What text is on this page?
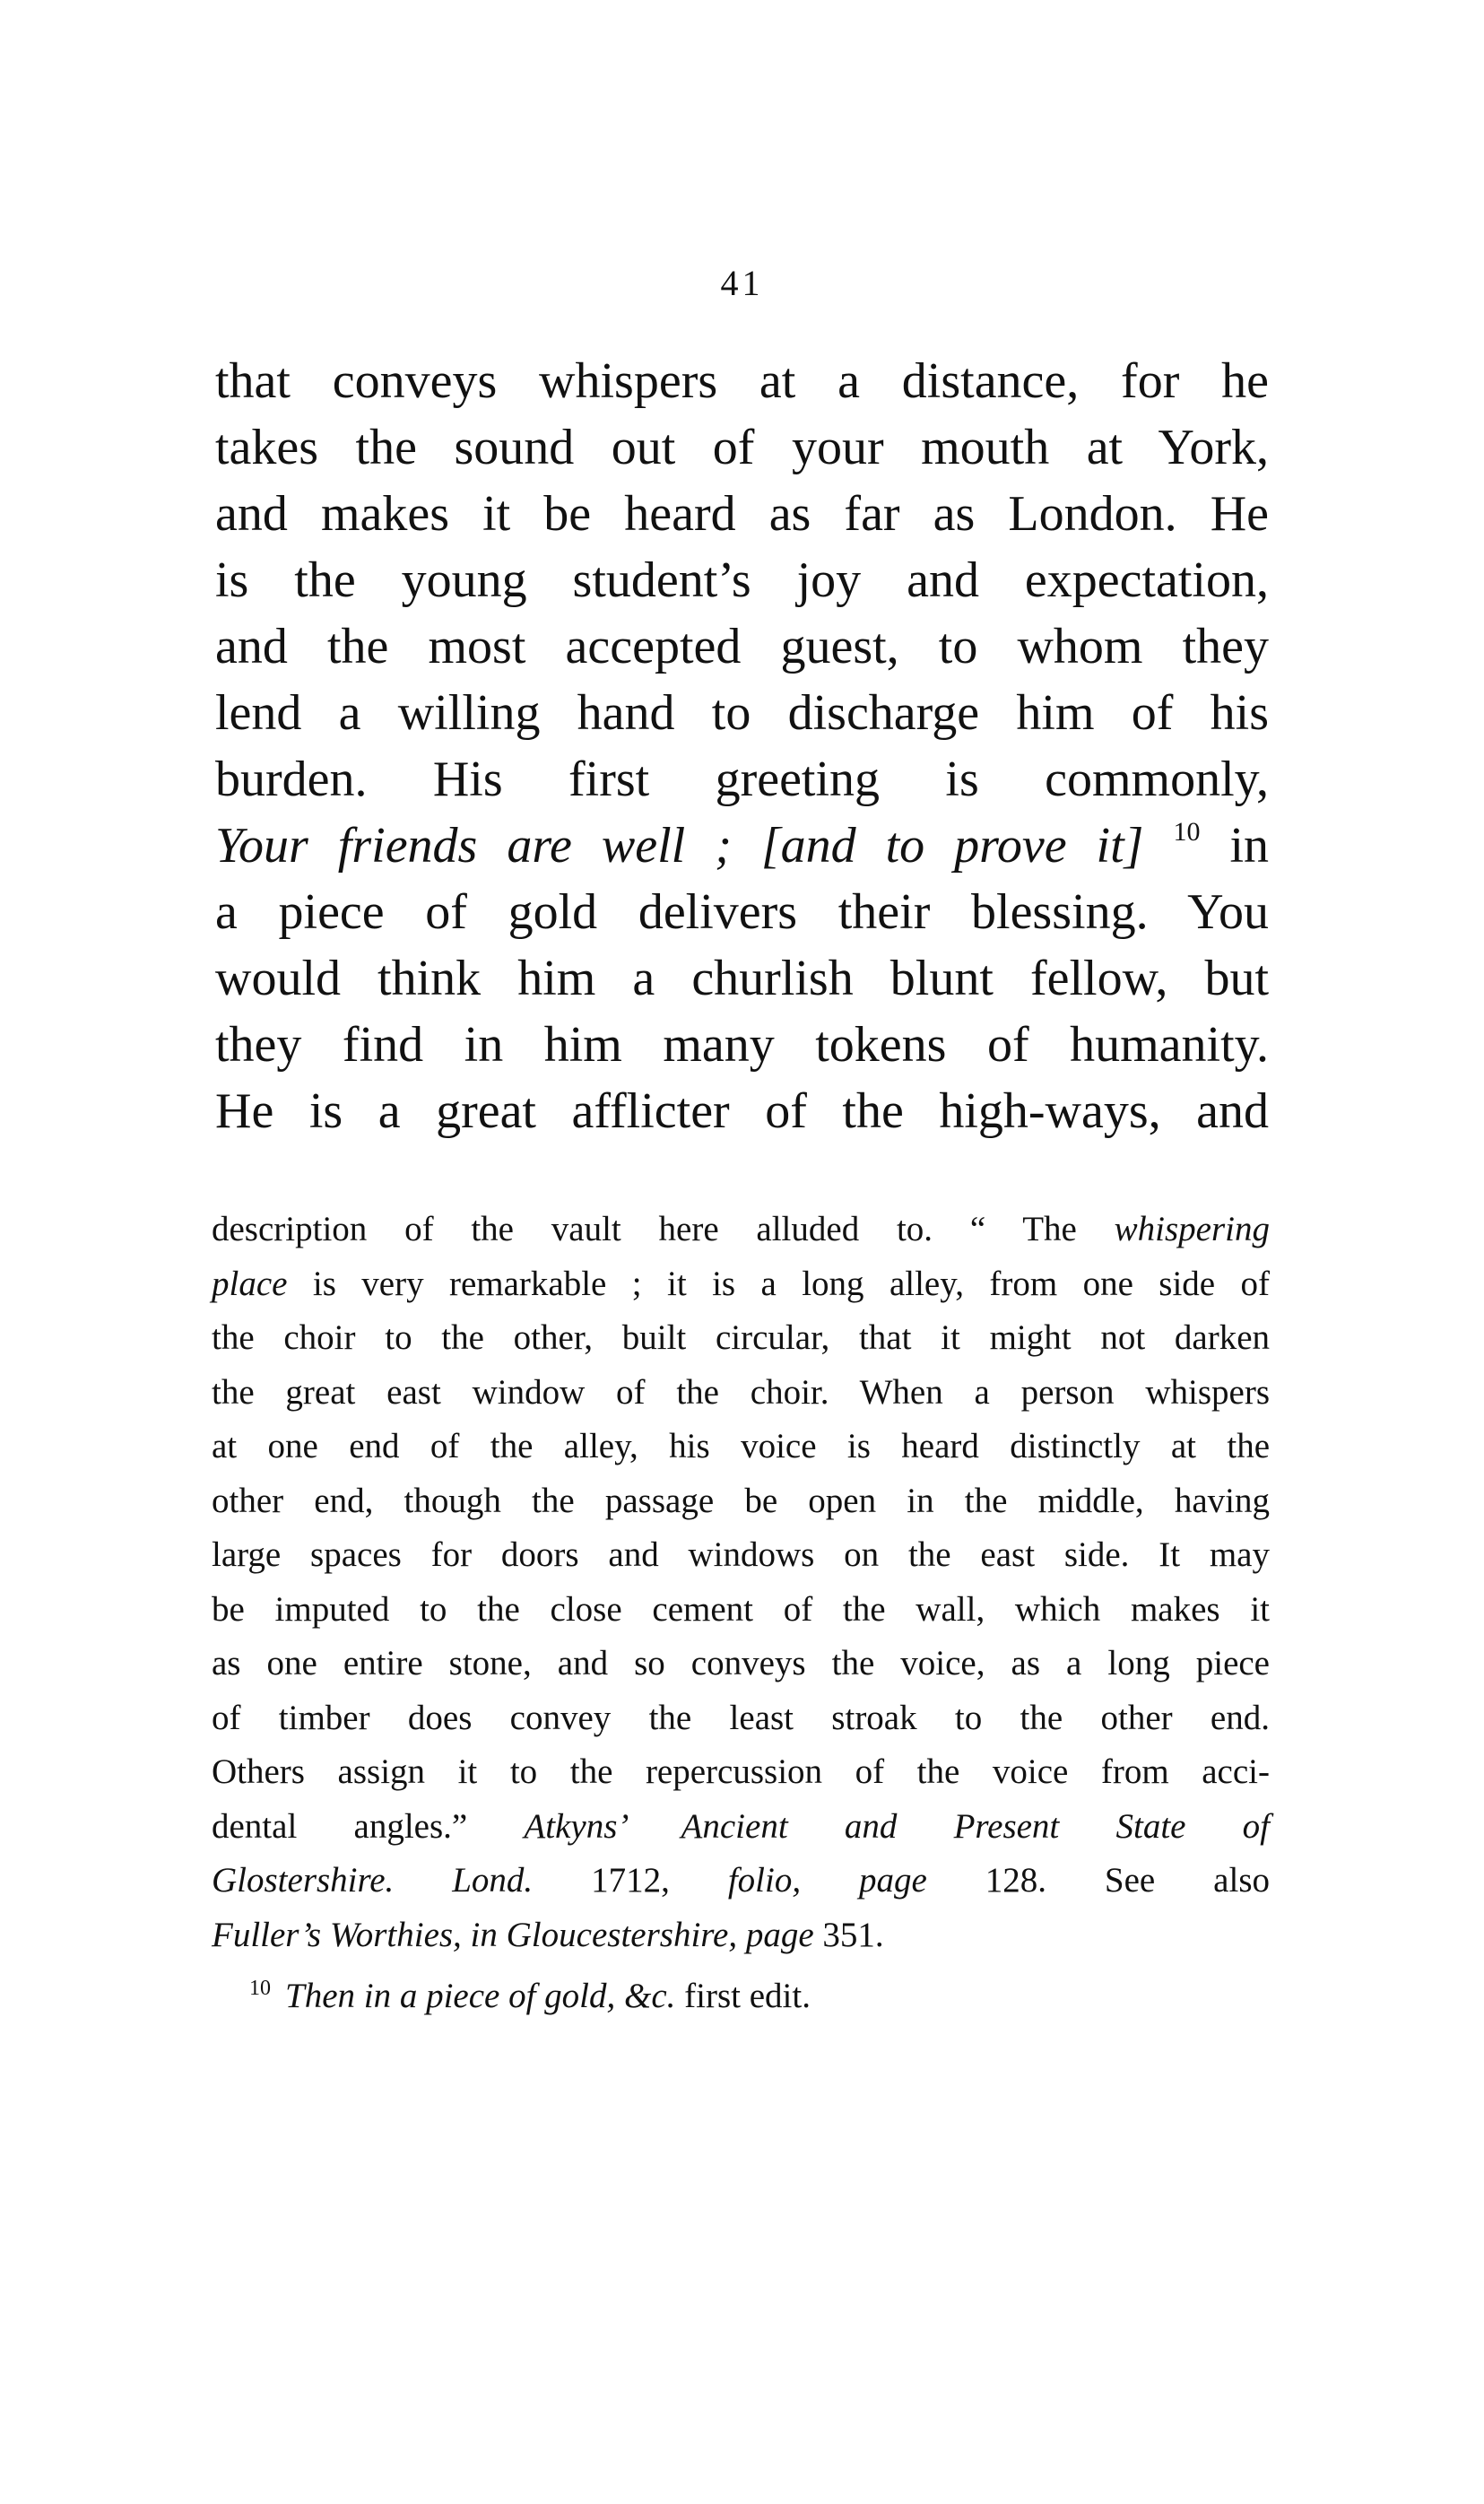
41
that conveys whispers at a distance, for he
takes the sound out of your mouth at York,
and makes it be heard as far as London. He
is the young student’s joy and expectation,
and the most accepted guest, to whom they
lend a willing hand to discharge him of his
burden. His first greeting is commonly,
Your friends are well ; [and to prove it] $^{10}$ in
a piece of gold delivers their blessing. You
would think him a churlish blunt fellow, but
they find in him many tokens of humanity.
He is a great afflicter of the high-ways, and
description of the vault here alluded to. “ The whispering
place is very remarkable ; it is a long alley, from one side of
the choir to the other, built circular, that it might not darken
the great east window of the choir. When a person whispers
at one end of the alley, his voice is heard distinctly at the
other end, though the passage be open in the middle, having
large spaces for doors and windows on the east side. It may
be imputed to the close cement of the wall, which makes it
as one entire stone, and so conveys the voice, as a long piece
of timber does convey the least stroak to the other end.
Others assign it to the repercussion of the voice from acci-
dental angles.” Atkyns’ Ancient and Present State of
Glostershire. Lond. 1712, folio, page 128. See also
Fuller’s Worthies, in Gloucestershire, page 351.
$^{10}$ Then in a piece of gold, &c. first edit.
